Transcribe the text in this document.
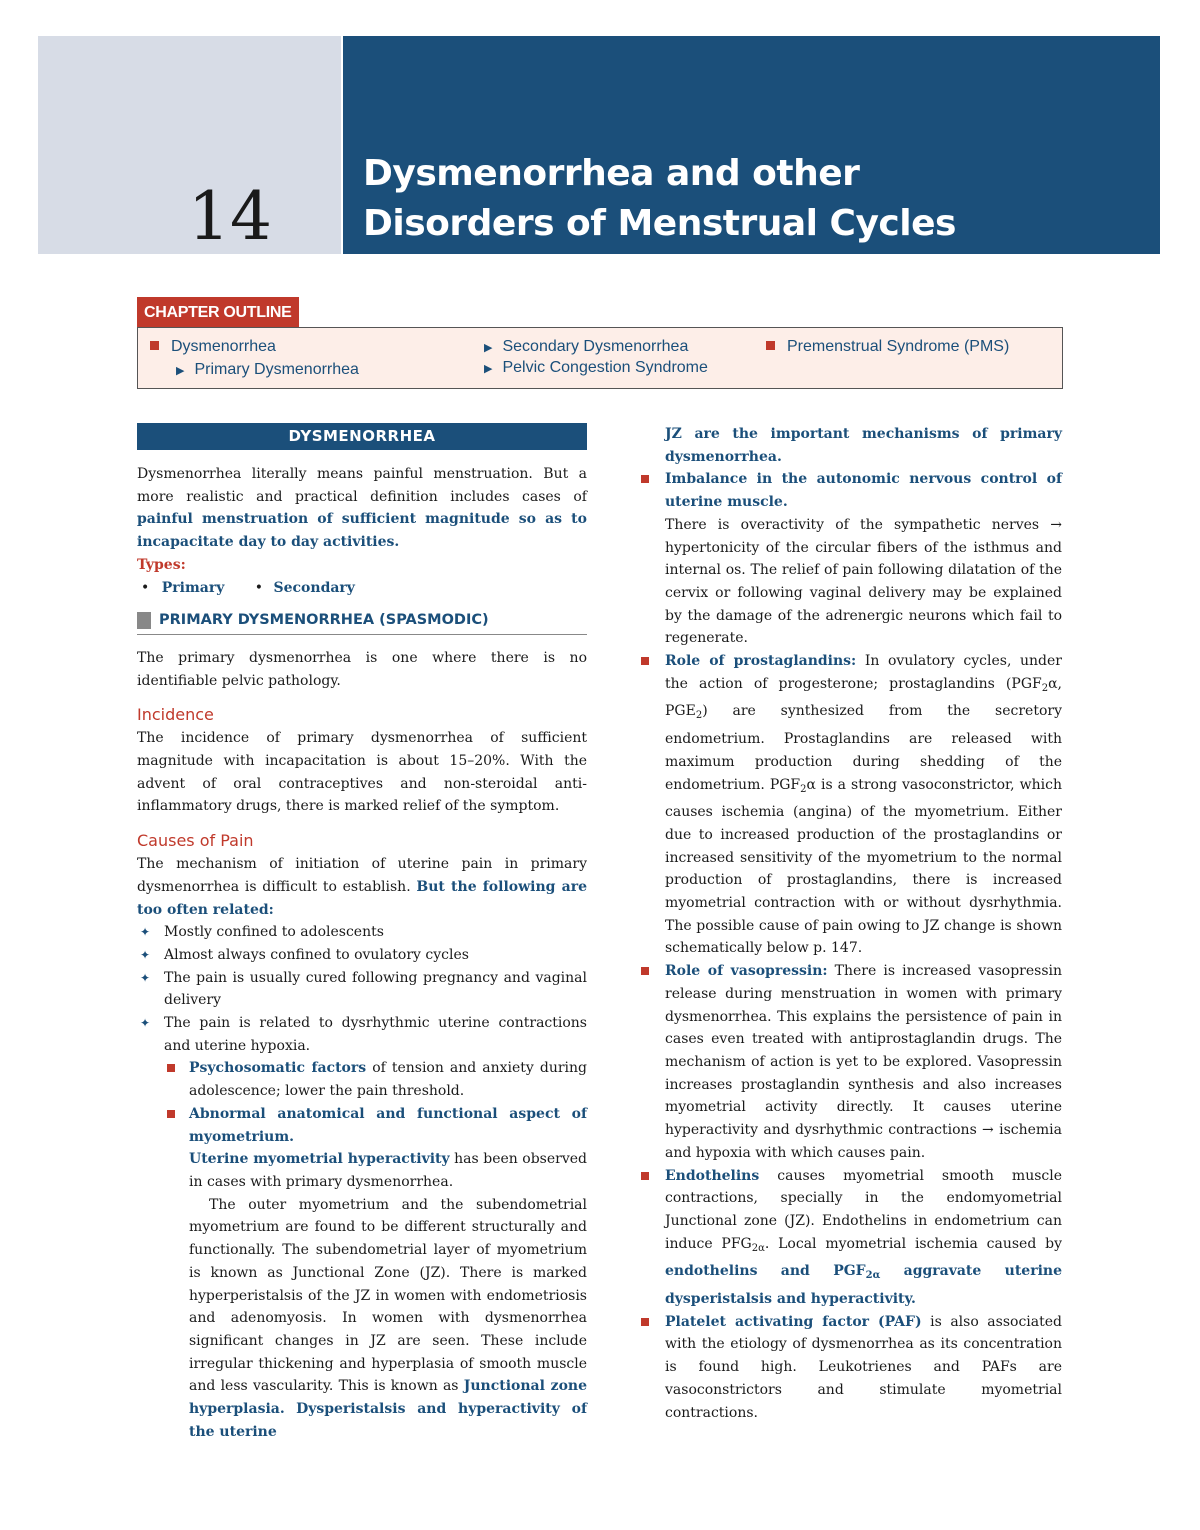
14
Dysmenorrhea and other
Disorders of Menstrual Cycles
CHAPTER OUTLINE
Dysmenorrhea
▶ Primary Dysmenorrhea
▶ Secondary Dysmenorrhea
▶ Pelvic Congestion Syndrome
Premenstrual Syndrome (PMS)
DYSMENORRHEA

Dysmenorrhea literally means painful menstruation. But a more realistic and practical definition includes cases of painful menstruation of sufficient magnitude so as to incapacitate day to day activities.

Types:
• Primary • Secondary
PRIMARY DYSMENORRHEA (SPASMODIC)

The primary dysmenorrhea is one where there is no identifiable pelvic pathology.

Incidence

The incidence of primary dysmenorrhea of sufficient magnitude with incapacitation is about 15–20%. With the advent of oral contraceptives and non-steroidal anti-inflammatory drugs, there is marked relief of the symptom.

Causes of Pain

The mechanism of initiation of uterine pain in primary dysmenorrhea is difficult to establish. But the following are too often related:

✦ Mostly confined to adolescents
✦ Almost always confined to ovulatory cycles
✦ The pain is usually cured following pregnancy and vaginal delivery
✦ The pain is related to dysrhythmic uterine contractions and uterine hypoxia.
Psychosomatic factors of tension and anxiety during adolescence; lower the pain threshold.
Abnormal anatomical and functional aspect of myometrium.

Uterine myometrial hyperactivity has been observed in cases with primary dysmenorrhea.

The outer myometrium and the subendometrial myometrium are found to be different structurally and functionally. The subendometrial layer of myometrium is known as Junctional Zone (JZ). There is marked hyperperistalsis of the JZ in women with endometriosis and adenomyosis. In women with dysmenorrhea significant changes in JZ are seen. These include irregular thickening and hyperplasia of smooth muscle and less vascularity. This is known as Junctional zone hyperplasia. Dysperistalsis and hyperactivity of the uterine

JZ are the important mechanisms of primary dysmenorrhea.

Imbalance in the autonomic nervous control of uterine muscle.

There is overactivity of the sympathetic nerves → hypertonicity of the circular fibers of the isthmus and internal os. The relief of pain following dilatation of the cervix or following vaginal delivery may be explained by the damage of the adrenergic neurons which fail to regenerate.

Role of prostaglandins: In ovulatory cycles, under the action of progesterone; prostaglandins ($PGF_2\alpha$, $PGE_2$) are synthesized from the secretory endometrium. Prostaglandins are released with maximum production during shedding of the endometrium. $PGF_2\alpha$ is a strong vasoconstrictor, which causes ischemia (angina) of the myometrium. Either due to increased production of the prostaglandins or increased sensitivity of the myometrium to the normal production of prostaglandins, there is increased myometrial contraction with or without dysrhythmia. The possible cause of pain owing to JZ change is shown schematically below p. 147.

Role of vasopressin: There is increased vasopressin release during menstruation in women with primary dysmenorrhea. This explains the persistence of pain in cases even treated with antiprostaglandin drugs. The mechanism of action is yet to be explored. Vasopressin increases prostaglandin synthesis and also increases myometrial activity directly. It causes uterine hyperactivity and dysrhythmic contractions → ischemia and hypoxia with which causes pain.

Endothelins causes myometrial smooth muscle contractions, specially in the endomyometrial Junctional zone (JZ). Endothelins in endometrium can induce $PFG_{2\alpha}$. Local myometrial ischemia caused by endothelins and $PGF_{2\alpha}$ aggravate uterine dysperistalsis and hyperactivity.

Platelet activating factor (PAF) is also associated with the etiology of dysmenorrhea as its concentration is found high. Leukotrienes and PAFs are vasoconstrictors and stimulate myometrial contractions.
